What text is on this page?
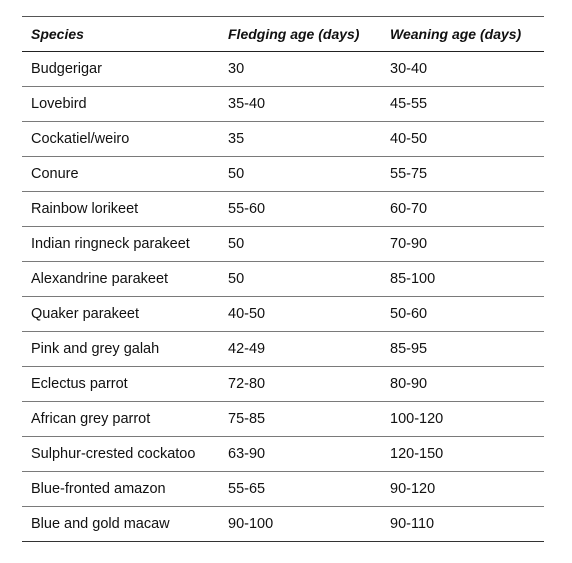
Species	Fledging age (days)	Weaning age (days)
Budgerigar	30	30-40
Lovebird	35-40	45-55
Cockatiel/weiro	35	40-50
Conure	50	55-75
Rainbow lorikeet	55-60	60-70
Indian ringneck parakeet	50	70-90
Alexandrine parakeet	50	85-100
Quaker parakeet	40-50	50-60
Pink and grey galah	42-49	85-95
Eclectus parrot	72-80	80-90
African grey parrot	75-85	100-120
Sulphur-crested cockatoo	63-90	120-150
Blue-fronted amazon	55-65	90-120
Blue and gold macaw	90-100	90-110
